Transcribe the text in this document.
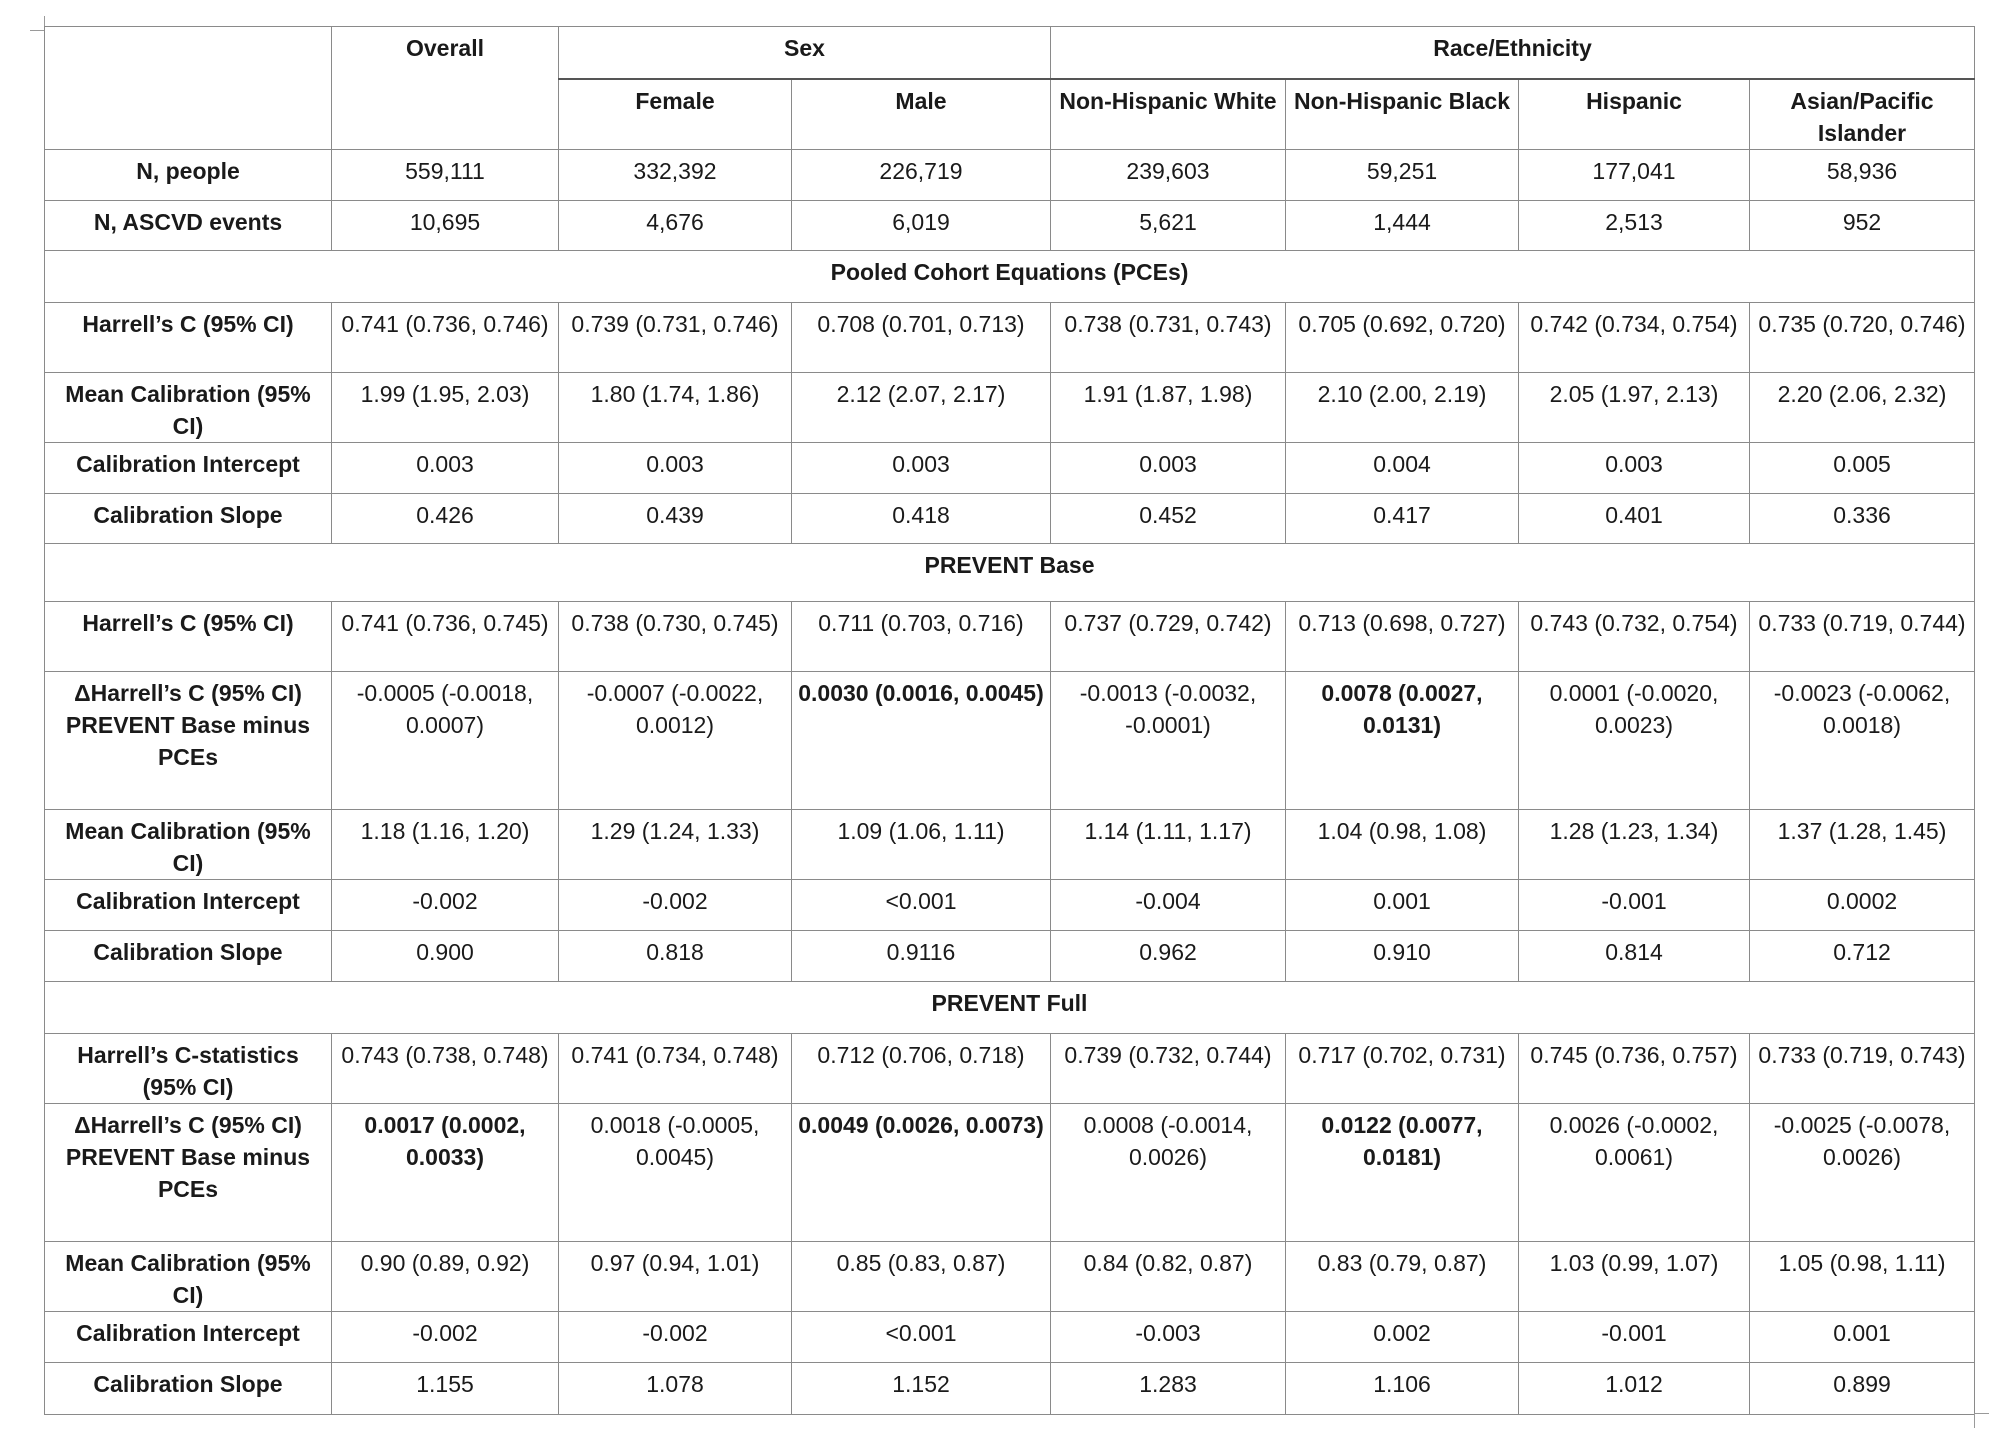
	Overall	Sex		Race/Ethnicity			
		Female	Male	Non-Hispanic White	Non-Hispanic Black	Hispanic	Asian/Pacific Islander
N, people	559,111	332,392	226,719	239,603	59,251	177,041	58,936
N, ASCVD events	10,695	4,676	6,019	5,621	1,444	2,513	952
Pooled Cohort Equations (PCEs)							
Harrell’s C (95% CI)	0.741 (0.736, 0.746)	0.739 (0.731, 0.746)	0.708 (0.701, 0.713)	0.738 (0.731, 0.743)	0.705 (0.692, 0.720)	0.742 (0.734, 0.754)	0.735 (0.720, 0.746)
Mean Calibration (95% CI)	1.99 (1.95, 2.03)	1.80 (1.74, 1.86)	2.12 (2.07, 2.17)	1.91 (1.87, 1.98)	2.10 (2.00, 2.19)	2.05 (1.97, 2.13)	2.20 (2.06, 2.32)
Calibration Intercept	0.003	0.003	0.003	0.003	0.004	0.003	0.005
Calibration Slope	0.426	0.439	0.418	0.452	0.417	0.401	0.336
PREVENT Base							
Harrell’s C (95% CI)	0.741 (0.736, 0.745)	0.738 (0.730, 0.745)	0.711 (0.703, 0.716)	0.737 (0.729, 0.742)	0.713 (0.698, 0.727)	0.743 (0.732, 0.754)	0.733 (0.719, 0.744)
ΔHarrell’s C (95% CI) PREVENT Base minus PCEs	-0.0005 (-0.0018, 0.0007)	-0.0007 (-0.0022, 0.0012)	0.0030 (0.0016, 0.0045)	-0.0013 (-0.0032, -0.0001)	0.0078 (0.0027, 0.0131)	0.0001 (-0.0020, 0.0023)	-0.0023 (-0.0062, 0.0018)
Mean Calibration (95% CI)	1.18 (1.16, 1.20)	1.29 (1.24, 1.33)	1.09 (1.06, 1.11)	1.14 (1.11, 1.17)	1.04 (0.98, 1.08)	1.28 (1.23, 1.34)	1.37 (1.28, 1.45)
Calibration Intercept	-0.002	-0.002	<0.001	-0.004	0.001	-0.001	0.0002
Calibration Slope	0.900	0.818	0.9116	0.962	0.910	0.814	0.712
PREVENT Full							
Harrell’s C-statistics (95% CI)	0.743 (0.738, 0.748)	0.741 (0.734, 0.748)	0.712 (0.706, 0.718)	0.739 (0.732, 0.744)	0.717 (0.702, 0.731)	0.745 (0.736, 0.757)	0.733 (0.719, 0.743)
ΔHarrell’s C (95% CI) PREVENT Base minus PCEs	0.0017 (0.0002, 0.0033)	0.0018 (-0.0005, 0.0045)	0.0049 (0.0026, 0.0073)	0.0008 (-0.0014, 0.0026)	0.0122 (0.0077, 0.0181)	0.0026 (-0.0002, 0.0061)	-0.0025 (-0.0078, 0.0026)
Mean Calibration (95% CI)	0.90 (0.89, 0.92)	0.97 (0.94, 1.01)	0.85 (0.83, 0.87)	0.84 (0.82, 0.87)	0.83 (0.79, 0.87)	1.03 (0.99, 1.07)	1.05 (0.98, 1.11)
Calibration Intercept	-0.002	-0.002	<0.001	-0.003	0.002	-0.001	0.001
Calibration Slope	1.155	1.078	1.152	1.283	1.106	1.012	0.899
